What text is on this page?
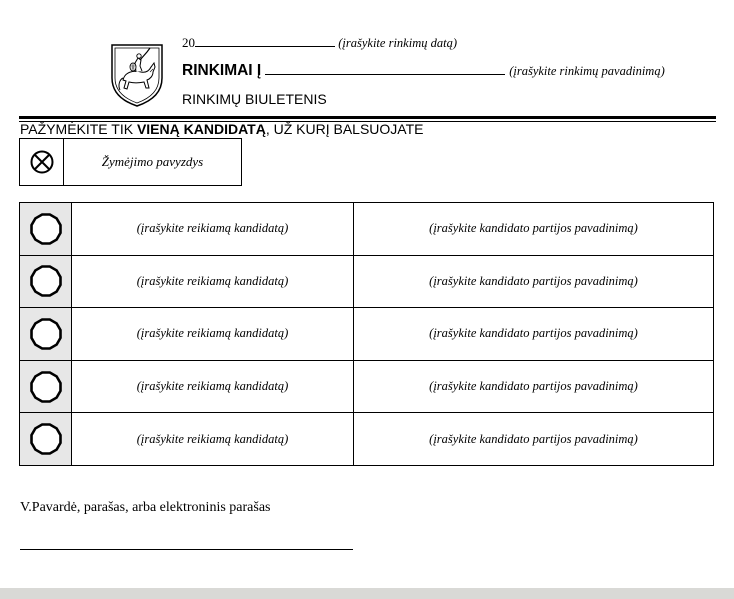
20	(įrašykite rinkimų datą)
RINKIMAI Į	(įrašykite rinkimų pavadinimą)
RINKIMŲ BIULETENIS
PAŽYMĖKITE TIK VIENĄ KANDIDATĄ, UŽ KURĮ BALSUOJATE
Žymėjimo pavyzdys
	(įrašykite reikiamą kandidatą)	(įrašykite kandidato partijos pavadinimą)

	(įrašykite reikiamą kandidatą)	(įrašykite kandidato partijos pavadinimą)

	(įrašykite reikiamą kandidatą)	(įrašykite kandidato partijos pavadinimą)

	(įrašykite reikiamą kandidatą)	(įrašykite kandidato partijos pavadinimą)

	(įrašykite reikiamą kandidatą)	(įrašykite kandidato partijos pavadinimą)
V.Pavardė, parašas, arba elektroninis parašas
